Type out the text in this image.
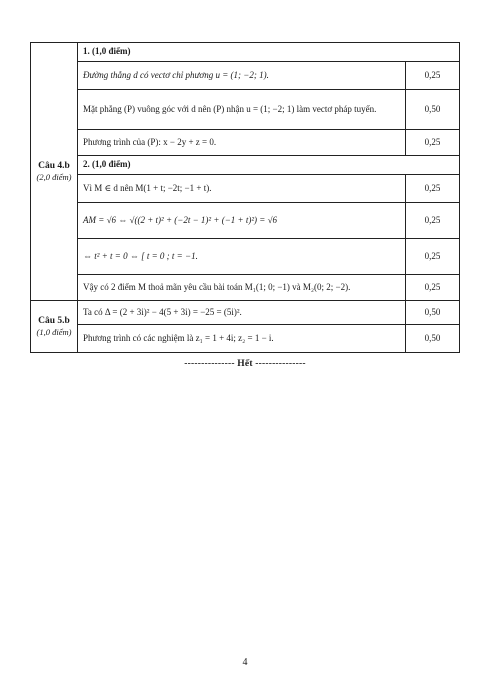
Câu 4.b
(2,0 điểm)	1. (1,0 điểm)	
	Đường thẳng d có vectơ chỉ phương u = (1; −2; 1).	0,25
	Mặt phẳng (P) vuông góc với d nên (P) nhận u = (1; −2; 1) làm vectơ pháp tuyến.	0,50
	Phương trình của (P): x − 2y + z = 0.	0,25
	2. (1,0 điểm)	
	Vì M ∈ d nên M(1 + t; −2t; −1 + t).	0,25
	AM = √6 ⇔ √((2 + t)² + (−2t − 1)² + (−1 + t)²) = √6	0,25
	⇔ t² + t = 0 ⇔ [ t = 0 ; t = −1.	0,25
	Vậy có 2 điểm M thoả mãn yêu cầu bài toán M₁(1; 0; −1) và M₂(0; 2; −2).	0,25

Câu 5.b
(1,0 điểm)	Ta có Δ = (2 + 3i)² − 4(5 + 3i) = −25 = (5i)².	0,50
	Phương trình có các nghiệm là z₁ = 1 + 4i; z₂ = 1 − i.	0,50
--------------- Hết ---------------
4
